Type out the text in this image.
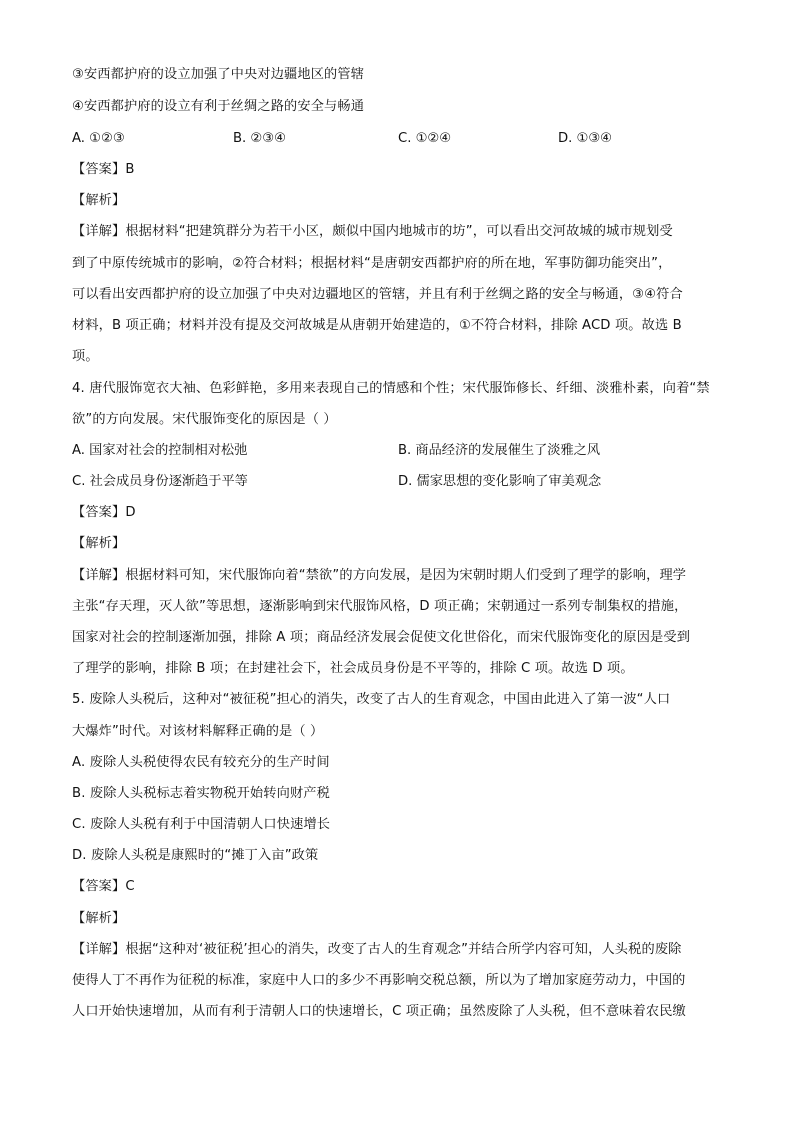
③安西都护府的设立加强了中央对边疆地区的管辖
④安西都护府的设立有利于丝绸之路的安全与畅通
A. ①②③	B. ②③④	C. ①②④	D. ①③④
【答案】B
【解析】
【详解】根据材料“把建筑群分为若干小区，颇似中国内地城市的坊”，可以看出交河故城的城市规划受
到了中原传统城市的影响，②符合材料；根据材料“是唐朝安西都护府的所在地，军事防御功能突出”，
可以看出安西都护府的设立加强了中央对边疆地区的管辖，并且有利于丝绸之路的安全与畅通，③④符合
材料，B 项正确；材料并没有提及交河故城是从唐朝开始建造的，①不符合材料，排除 ACD 项。故选 B
项。
4. 唐代服饰宽衣大袖、色彩鲜艳，多用来表现自己的情感和个性；宋代服饰修长、纤细、淡雅朴素，向着“禁
欲”的方向发展。宋代服饰变化的原因是（ ）
A. 国家对社会的控制相对松弛	B. 商品经济的发展催生了淡雅之风
C. 社会成员身份逐渐趋于平等	D. 儒家思想的变化影响了审美观念
【答案】D
【解析】
【详解】根据材料可知，宋代服饰向着“禁欲”的方向发展，是因为宋朝时期人们受到了理学的影响，理学
主张“存天理，灭人欲”等思想，逐渐影响到宋代服饰风格，D 项正确；宋朝通过一系列专制集权的措施，
国家对社会的控制逐渐加强，排除 A 项；商品经济发展会促使文化世俗化，而宋代服饰变化的原因是受到
了理学的影响，排除 B 项；在封建社会下，社会成员身份是不平等的，排除 C 项。故选 D 项。
5. 废除人头税后，这种对“被征税”担心的消失，改变了古人的生育观念，中国由此进入了第一波“人口
大爆炸”时代。对该材料解释正确的是（ ）
A. 废除人头税使得农民有较充分的生产时间
B. 废除人头税标志着实物税开始转向财产税
C. 废除人头税有利于中国清朝人口快速增长
D. 废除人头税是康熙时的“摊丁入亩”政策
【答案】C
【解析】
【详解】根据“这种对‘被征税’担心的消失，改变了古人的生育观念”并结合所学内容可知，人头税的废除
使得人丁不再作为征税的标准，家庭中人口的多少不再影响交税总额，所以为了增加家庭劳动力，中国的
人口开始快速增加，从而有利于清朝人口的快速增长，C 项正确；虽然废除了人头税，但不意味着农民缴
